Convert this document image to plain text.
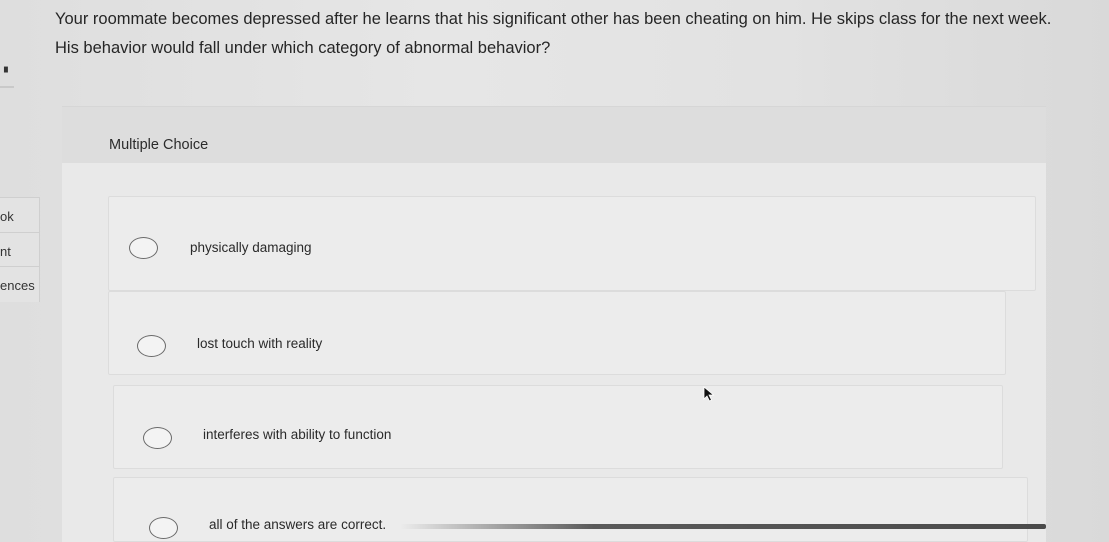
▗
ok
nt
ences
Your roommate becomes depressed after he learns that his significant other has been cheating on him. He skips class for the next week. His behavior would fall under which category of abnormal behavior?
Multiple Choice
physically damaging
lost touch with reality
interferes with ability to function
all of the answers are correct.
